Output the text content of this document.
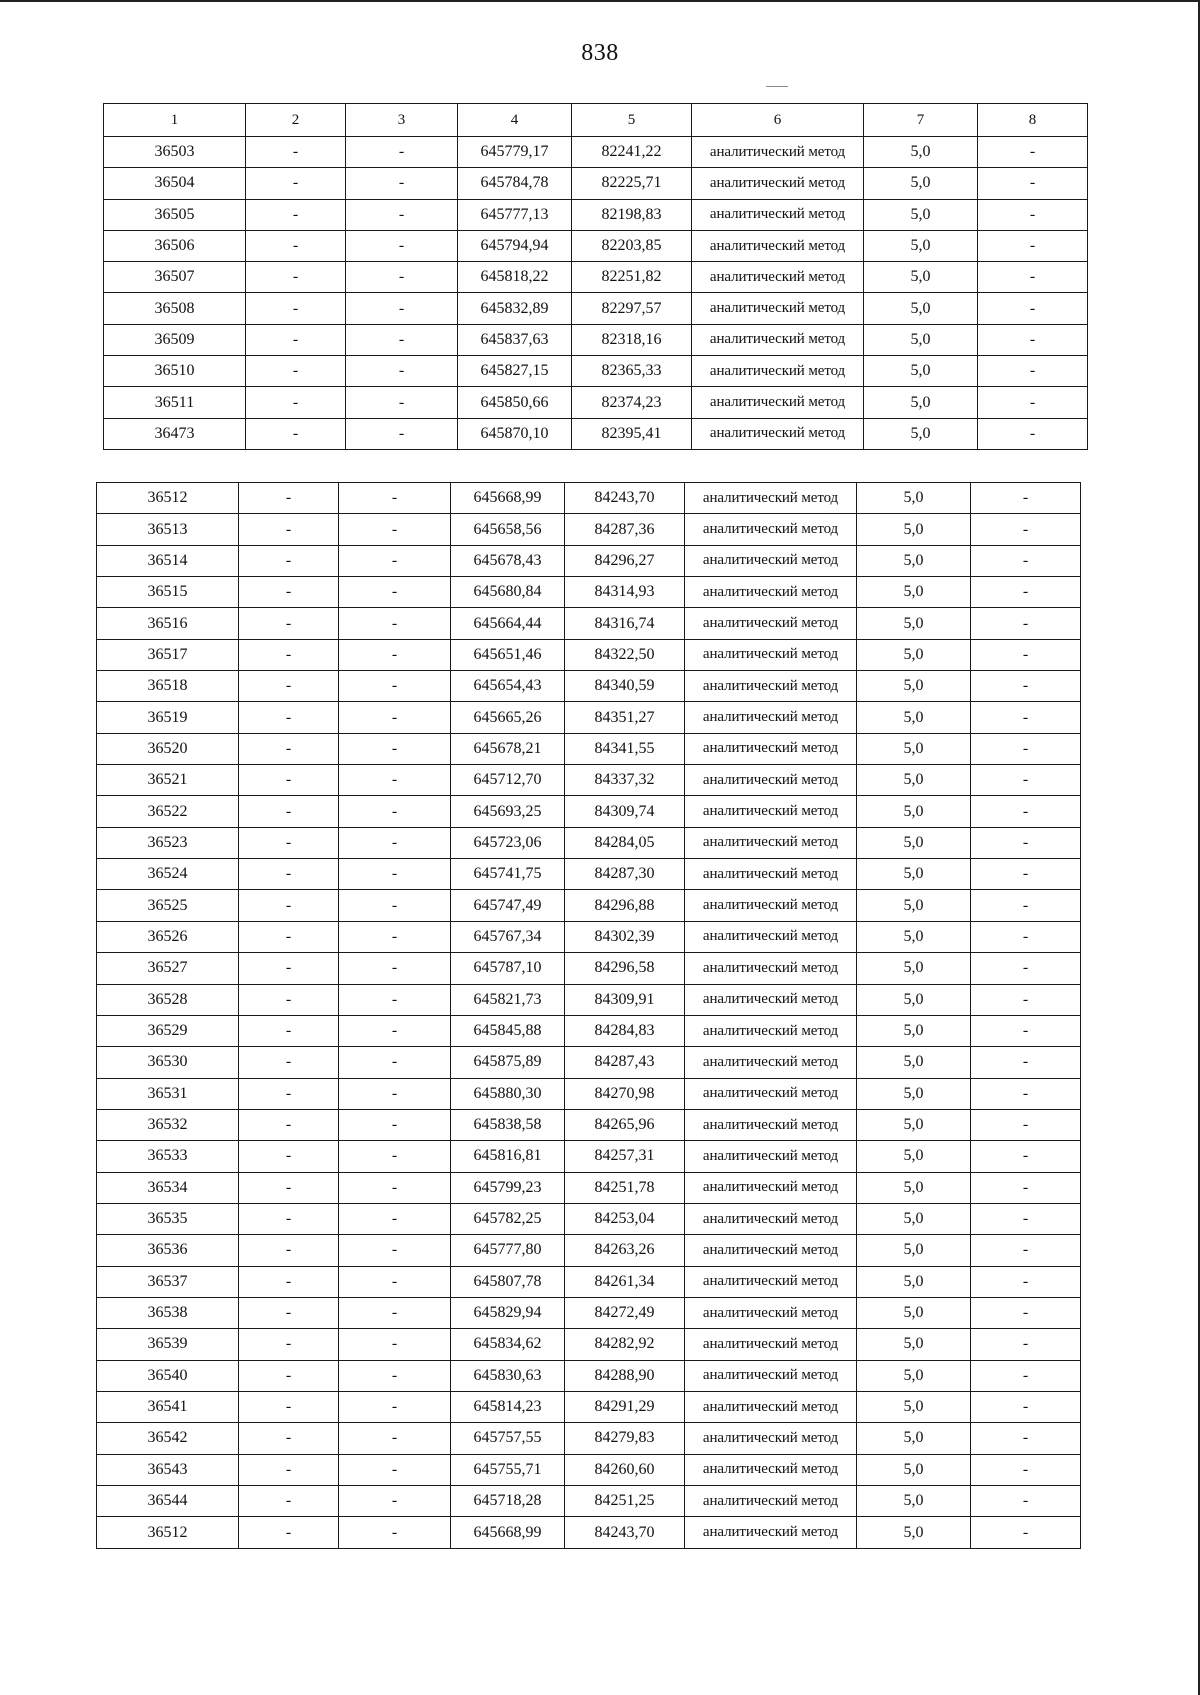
838
1	2	3	4	5	6	7	8
36503	-	-	645779,17	82241,22	аналитический метод	5,0	-
36504	-	-	645784,78	82225,71	аналитический метод	5,0	-
36505	-	-	645777,13	82198,83	аналитический метод	5,0	-
36506	-	-	645794,94	82203,85	аналитический метод	5,0	-
36507	-	-	645818,22	82251,82	аналитический метод	5,0	-
36508	-	-	645832,89	82297,57	аналитический метод	5,0	-
36509	-	-	645837,63	82318,16	аналитический метод	5,0	-
36510	-	-	645827,15	82365,33	аналитический метод	5,0	-
36511	-	-	645850,66	82374,23	аналитический метод	5,0	-
36473	-	-	645870,10	82395,41	аналитический метод	5,0	-
36512	-	-	645668,99	84243,70	аналитический метод	5,0	-
36513	-	-	645658,56	84287,36	аналитический метод	5,0	-
36514	-	-	645678,43	84296,27	аналитический метод	5,0	-
36515	-	-	645680,84	84314,93	аналитический метод	5,0	-
36516	-	-	645664,44	84316,74	аналитический метод	5,0	-
36517	-	-	645651,46	84322,50	аналитический метод	5,0	-
36518	-	-	645654,43	84340,59	аналитический метод	5,0	-
36519	-	-	645665,26	84351,27	аналитический метод	5,0	-
36520	-	-	645678,21	84341,55	аналитический метод	5,0	-
36521	-	-	645712,70	84337,32	аналитический метод	5,0	-
36522	-	-	645693,25	84309,74	аналитический метод	5,0	-
36523	-	-	645723,06	84284,05	аналитический метод	5,0	-
36524	-	-	645741,75	84287,30	аналитический метод	5,0	-
36525	-	-	645747,49	84296,88	аналитический метод	5,0	-
36526	-	-	645767,34	84302,39	аналитический метод	5,0	-
36527	-	-	645787,10	84296,58	аналитический метод	5,0	-
36528	-	-	645821,73	84309,91	аналитический метод	5,0	-
36529	-	-	645845,88	84284,83	аналитический метод	5,0	-
36530	-	-	645875,89	84287,43	аналитический метод	5,0	-
36531	-	-	645880,30	84270,98	аналитический метод	5,0	-
36532	-	-	645838,58	84265,96	аналитический метод	5,0	-
36533	-	-	645816,81	84257,31	аналитический метод	5,0	-
36534	-	-	645799,23	84251,78	аналитический метод	5,0	-
36535	-	-	645782,25	84253,04	аналитический метод	5,0	-
36536	-	-	645777,80	84263,26	аналитический метод	5,0	-
36537	-	-	645807,78	84261,34	аналитический метод	5,0	-
36538	-	-	645829,94	84272,49	аналитический метод	5,0	-
36539	-	-	645834,62	84282,92	аналитический метод	5,0	-
36540	-	-	645830,63	84288,90	аналитический метод	5,0	-
36541	-	-	645814,23	84291,29	аналитический метод	5,0	-
36542	-	-	645757,55	84279,83	аналитический метод	5,0	-
36543	-	-	645755,71	84260,60	аналитический метод	5,0	-
36544	-	-	645718,28	84251,25	аналитический метод	5,0	-
36512	-	-	645668,99	84243,70	аналитический метод	5,0	-
